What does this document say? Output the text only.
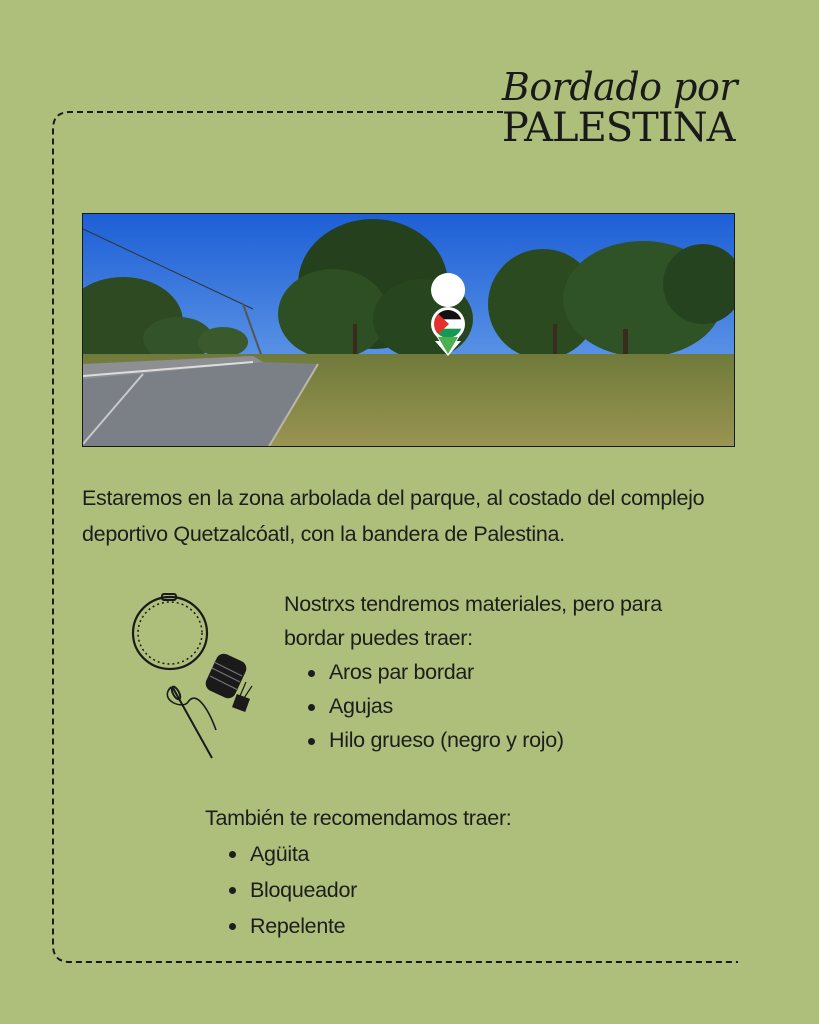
Bordado por
PALESTINA
Estaremos en la zona arbolada del parque, al costado del complejo deportivo Quetzalcóatl, con la bandera de Palestina.
Nostrxs tendremos materiales, pero para bordar puedes traer:
Aros par bordar
Agujas
Hilo grueso (negro y rojo)
También te recomendamos traer:
Agüita
Bloqueador
Repelente
